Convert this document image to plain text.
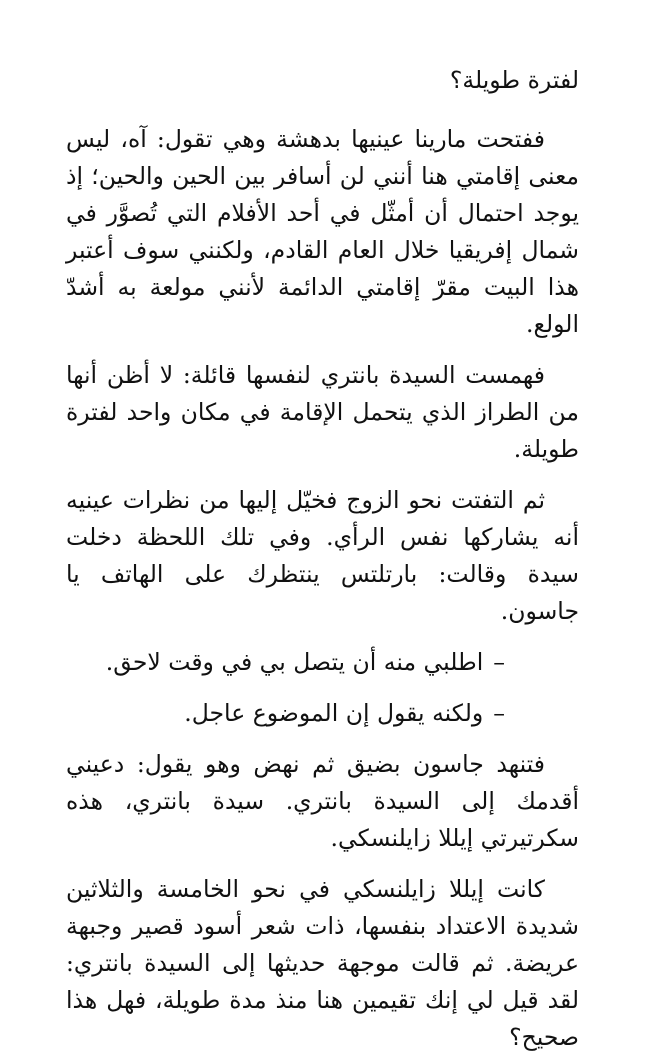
لفترة طويلة؟

ففتحت مارينا عينيها بدهشة وهي تقول: آه، ليس معنى إقامتي هنا أنني لن أسافر بين الحين والحين؛ إذ يوجد احتمال أن أمثّل في أحد الأفلام التي تُصوَّر في شمال إفريقيا خلال العام القادم، ولكنني سوف أعتبر هذا البيت مقرّ إقامتي الدائمة لأنني مولعة به أشدّ الولع.

فهمست السيدة بانتري لنفسها قائلة: لا أظن أنها من الطراز الذي يتحمل الإقامة في مكان واحد لفترة طويلة.

ثم التفتت نحو الزوج فخيّل إليها من نظرات عينيه أنه يشاركها نفس الرأي. وفي تلك اللحظة دخلت سيدة وقالت: بارتلتس ينتظرك على الهاتف يا جاسون.

–اطلبي منه أن يتصل بي في وقت لاحق.

–ولكنه يقول إن الموضوع عاجل.

فتنهد جاسون بضيق ثم نهض وهو يقول: دعيني أقدمك إلى السيدة بانتري. سيدة بانتري، هذه سكرتيرتي إيللا زايلنسكي.

كانت إيللا زايلنسكي في نحو الخامسة والثلاثين شديدة الاعتداد بنفسها، ذات شعر أسود قصير وجبهة عريضة. ثم قالت موجهة حديثها إلى السيدة بانتري: لقد قيل لي إنك تقيمين هنا منذ مدة طويلة، فهل هذا صحيح؟
